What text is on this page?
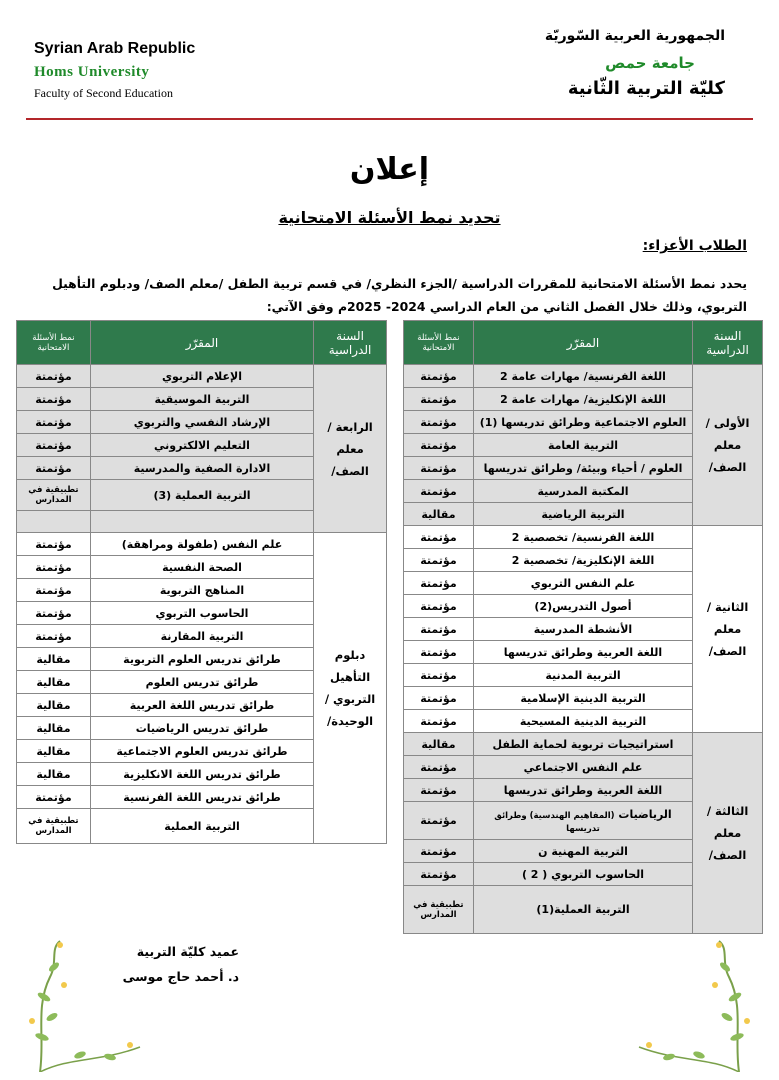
Syrian Arab Republic
Homs University
Faculty of Second Education
الجمهورية العربية السّوريّة
جامعة حمص
كليّة التربية الثّانية
إعلان
تحديد نمط الأسئلة الامتحانية
الطلاب الأعزاء:
يحدد نمط الأسئلة الامتحانية للمقررات الدراسية /الجزء النظري/ في قسم تربية الطفل /معلم الصف/ ودبلوم التأهيل التربوي، وذلك خلال الفصل الثاني من العام الدراسي 2024- 2025م وفق الآتي:
السنة الدراسية	المقرّر	نمط الأسئلة الامتحانية
الأولى /معلم الصف/	اللغة الفرنسية/ مهارات عامة 2	مؤتمتة
	اللغة الإنكليزية/ مهارات عامة 2	مؤتمتة
	العلوم الاجتماعية وطرائق تدريسها (1)	مؤتمتة
	التربية العامة	مؤتمتة
	العلوم / أحياء وبيئة/ وطرائق تدريسها	مؤتمتة
	المكتبة المدرسية	مؤتمتة
	التربية الرياضية	مقالية
الثانية /معلم الصف/	اللغة الفرنسية/ تخصصية 2	مؤتمتة
	اللغة الإنكليزية/ تخصصية 2	مؤتمتة
	علم النفس التربوي	مؤتمتة
	أصول التدريس(2)	مؤتمتة
	الأنشطة المدرسية	مؤتمتة
	اللغة العربية وطرائق تدريسها	مؤتمتة
	التربية المدنية	مؤتمتة
	التربية الدينية الإسلامية	مؤتمتة
	التربية الدينية المسيحية	مؤتمتة
الثالثة /معلم الصف/	استراتيجيات تربوية لحماية الطفل	مقالية
	علم النفس الاجتماعي	مؤتمتة
	اللغة العربية وطرائق تدريسها	مؤتمتة
	الرياضيات (المفاهيم الهندسية) وطرائق تدريسها	مؤتمتة
	التربية المهنية ن	مؤتمتة
	الحاسوب التربوي ( 2 )	مؤتمتة
	التربية العملية(1)	تطبيقية في المدارس
السنة الدراسية	المقرّر	نمط الأسئلة الامتحانية
الرابعة /معلم الصف/	الإعلام التربوي	مؤتمتة
	التربية الموسيقية	مؤتمتة
	الإرشاد النفسي والتربوي	مؤتمتة
	التعليم الالكتروني	مؤتمتة
	الادارة الصفية والمدرسية	مؤتمتة
	التربية العملية (3)	تطبيقية في المدارس

دبلوم التأهيل التربوي /الوحيدة/	علم النفس (طفولة ومراهقة)	مؤتمتة
	الصحة النفسية	مؤتمتة
	المناهج التربوية	مؤتمتة
	الحاسوب التربوي	مؤتمتة
	التربية المقارنة	مؤتمتة
	طرائق تدريس العلوم التربوية	مقالية
	طرائق تدريس العلوم	مقالية
	طرائق تدريس اللغة العربية	مقالية
	طرائق تدريس الرياضيات	مقالية
	طرائق تدريس العلوم الاجتماعية	مقالية
	طرائق تدريس اللغة الانكليزية	مقالية
	طرائق تدريس اللغة الفرنسية	مؤتمتة
	التربية العملية	تطبيقية في المدارس
عميد كليّة التربية
د. أحمد حاج موسى
